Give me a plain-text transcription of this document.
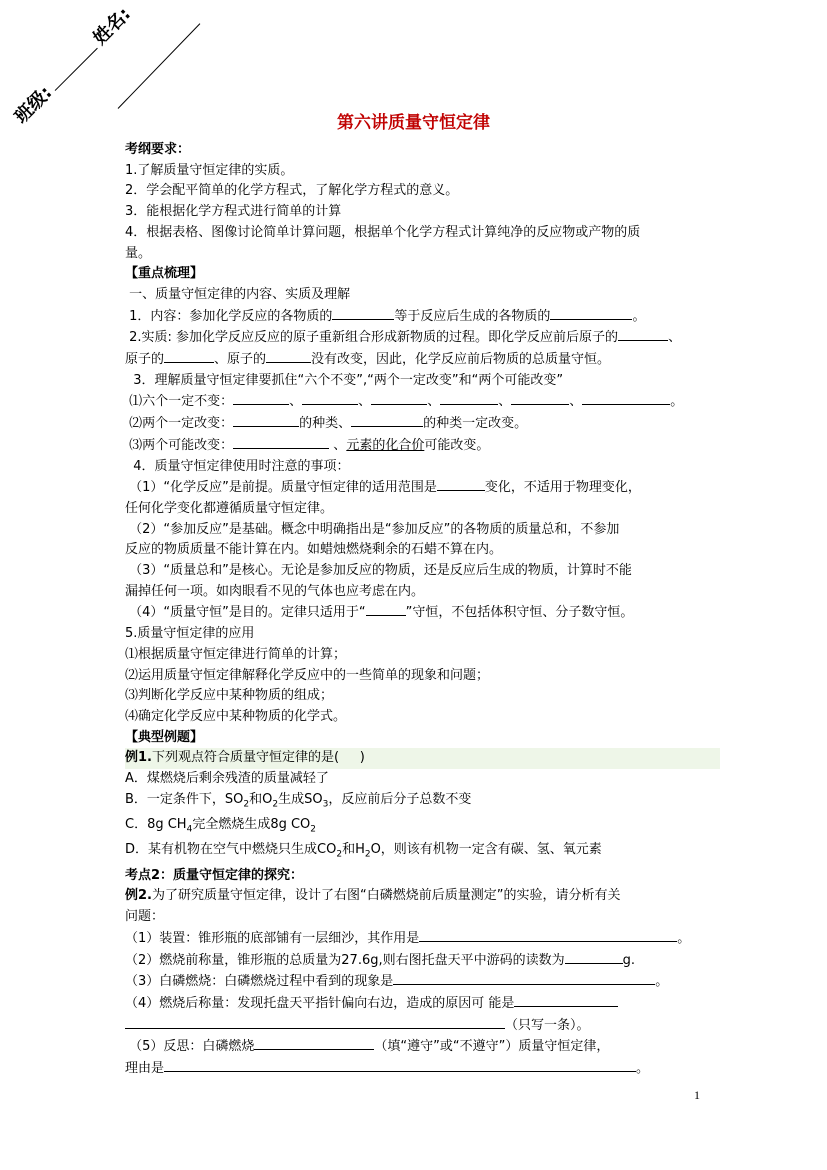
班级:姓名:
第六讲质量守恒定律
考纲要求：
1.了解质量守恒定律的实质。
2．学会配平简单的化学方程式，了解化学方程式的意义。
3．能根据化学方程式进行简单的计算
4．根据表格、图像讨论简单计算问题，根据单个化学方程式计算纯净的反应物或产物的质
量。
【重点梳理】
一、质量守恒定律的内容、实质及理解
1．内容：参加化学反应的各物质的	等于反应后生成的各物质的	。
2.实质: 参加化学反应反应的原子重新组合形成新物质的过程。即化学反应前后原子的	、
原子的	、原子的	没有改变，因此，化学反应前后物质的总质量守恒。
3．理解质量守恒定律要抓住“六个不变”,“两个一定改变”和“两个可能改变”
⑴六个一定不变：	、	、	、	、	、	。
⑵两个一定改变：	的种类、	的种类一定改变。
⑶两个可能改变：	、元素的化合价可能改变。
4．质量守恒定律使用时注意的事项：
（1）“化学反应”是前提。质量守恒定律的适用范围是	变化，不适用于物理变化，
任何化学变化都遵循质量守恒定律。
（2）“参加反应”是基础。概念中明确指出是“参加反应”的各物质的质量总和，不参加
反应的物质质量不能计算在内。如蜡烛燃烧剩余的石蜡不算在内。
（3）“质量总和”是核心。无论是参加反应的物质，还是反应后生成的物质，计算时不能
漏掉任何一项。如肉眼看不见的气体也应考虑在内。
（4）“质量守恒”是目的。定律只适用于“	”守恒，不包括体积守恒、分子数守恒。
5.质量守恒定律的应用
⑴根据质量守恒定律进行简单的计算；
⑵运用质量守恒定律解释化学反应中的一些简单的现象和问题；
⑶判断化学反应中某种物质的组成；
⑷确定化学反应中某种物质的化学式。
【典型例题】
例1.下列观点符合质量守恒定律的是( )
A．煤燃烧后剩余残渣的质量减轻了
B．一定条件下，$SO_2$和$O_2$生成$SO_3$，反应前后分子总数不变
C．8g $CH_4$完全燃烧生成8g $CO_2$
D．某有机物在空气中燃烧只生成$CO_2$和$H_2O$，则该有机物一定含有碳、氢、氧元素
考点2：质量守恒定律的探究：
例2.为了研究质量守恒定律，设计了右图“白磷燃烧前后质量测定”的实验，请分析有关
问题：
（1）装置：锥形瓶的底部铺有一层细沙，其作用是	。
（2）燃烧前称量，锥形瓶的总质量为27.6g,则右图托盘天平中游码的读数为	g.
（3）白磷燃烧：白磷燃烧过程中看到的现象是	。
（4）燃烧后称量：发现托盘天平指针偏向右边，造成的原因可 能是
（只写一条）。
（5）反思：白磷燃烧	（填“遵守”或“不遵守”）质量守恒定律，
理由是	。
1
